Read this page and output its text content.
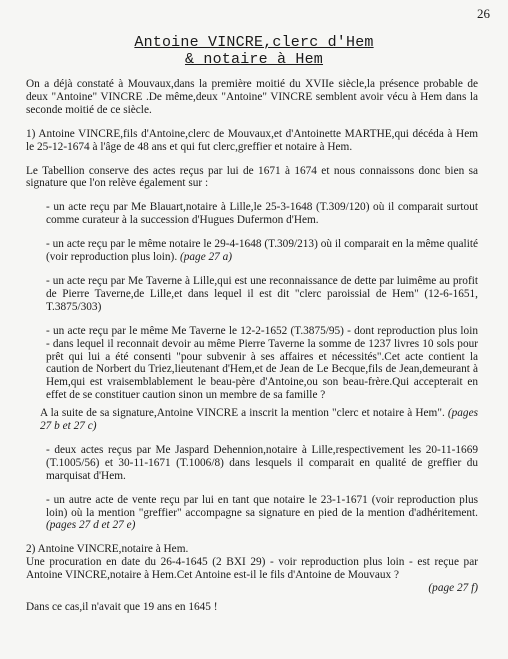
26
Antoine VINCRE,clerc d'Hem
& notaire à Hem

On a déjà constaté à Mouvaux,dans la première moitié du XVIIe siècle,la présence probable de deux "Antoine" VINCRE .De même,deux "Antoine" VINCRE semblent avoir vécu à Hem dans la seconde moitié de ce siècle.

1) Antoine VINCRE,fils d'Antoine,clerc de Mouvaux,et d'Antoinette MARTHE,qui décéda à Hem le 25-12-1674 à l'âge de 48 ans et qui fut clerc,greffier et notaire à Hem.

Le Tabellion conserve des actes reçus par lui de 1671 à 1674 et nous connaissons donc bien sa signature que l'on relève également sur :

- un acte reçu par Me Blauart,notaire à Lille,le 25-3-1648 (T.309/120) où il comparait surtout comme curateur à la succession d'Hugues Dufermon d'Hem.

- un acte reçu par le même notaire le 29-4-1648 (T.309/213) où il comparait en la même qualité (voir reproduction plus loin). (page 27 a)

- un acte reçu par Me Taverne à Lille,qui est une reconnaissance de dette par luimême au profit de Pierre Taverne,de Lille,et dans lequel il est dit "clerc paroissial de Hem" (12-6-1651, T.3875/303)

- un acte reçu par le même Me Taverne le 12-2-1652 (T.3875/95) - dont reproduction plus loin - dans lequel il reconnait devoir au même Pierre Taverne la somme de 1237 livres 10 sols pour prêt qui lui a été consenti "pour subvenir à ses affaires et nécessités".Cet acte contient la caution de Norbert du Triez,lieutenant d'Hem,et de Jean de Le Becque,fils de Jean,demeurant à Hem,qui est vraisemblablement le beau-père d'Antoine,ou son beau-frère.Qui accepterait en effet de se constituer caution sinon un membre de sa famille ?

A la suite de sa signature,Antoine VINCRE a inscrit la mention "clerc et notaire à Hem". (pages 27 b et 27 c)

- deux actes reçus par Me Jaspard Dehennion,notaire à Lille,respectivement les 20-11-1669 (T.1005/56) et 30-11-1671 (T.1006/8) dans lesquels il comparait en qualité de greffier du marquisat d'Hem.

- un autre acte de vente reçu par lui en tant que notaire le 23-1-1671 (voir reproduction plus loin) où la mention "greffier" accompagne sa signature en pied de la mention d'adhéritement. (pages 27 d et 27 e)

2) Antoine VINCRE,notaire à Hem.

Une procuration en date du 26-4-1645 (2 BXI 29) - voir reproduction plus loin - est reçue par Antoine VINCRE,notaire à Hem.Cet Antoine est-il le fils d'Antoine de Mouvaux ?
(page 27 f)

Dans ce cas,il n'avait que 19 ans en 1645 !
